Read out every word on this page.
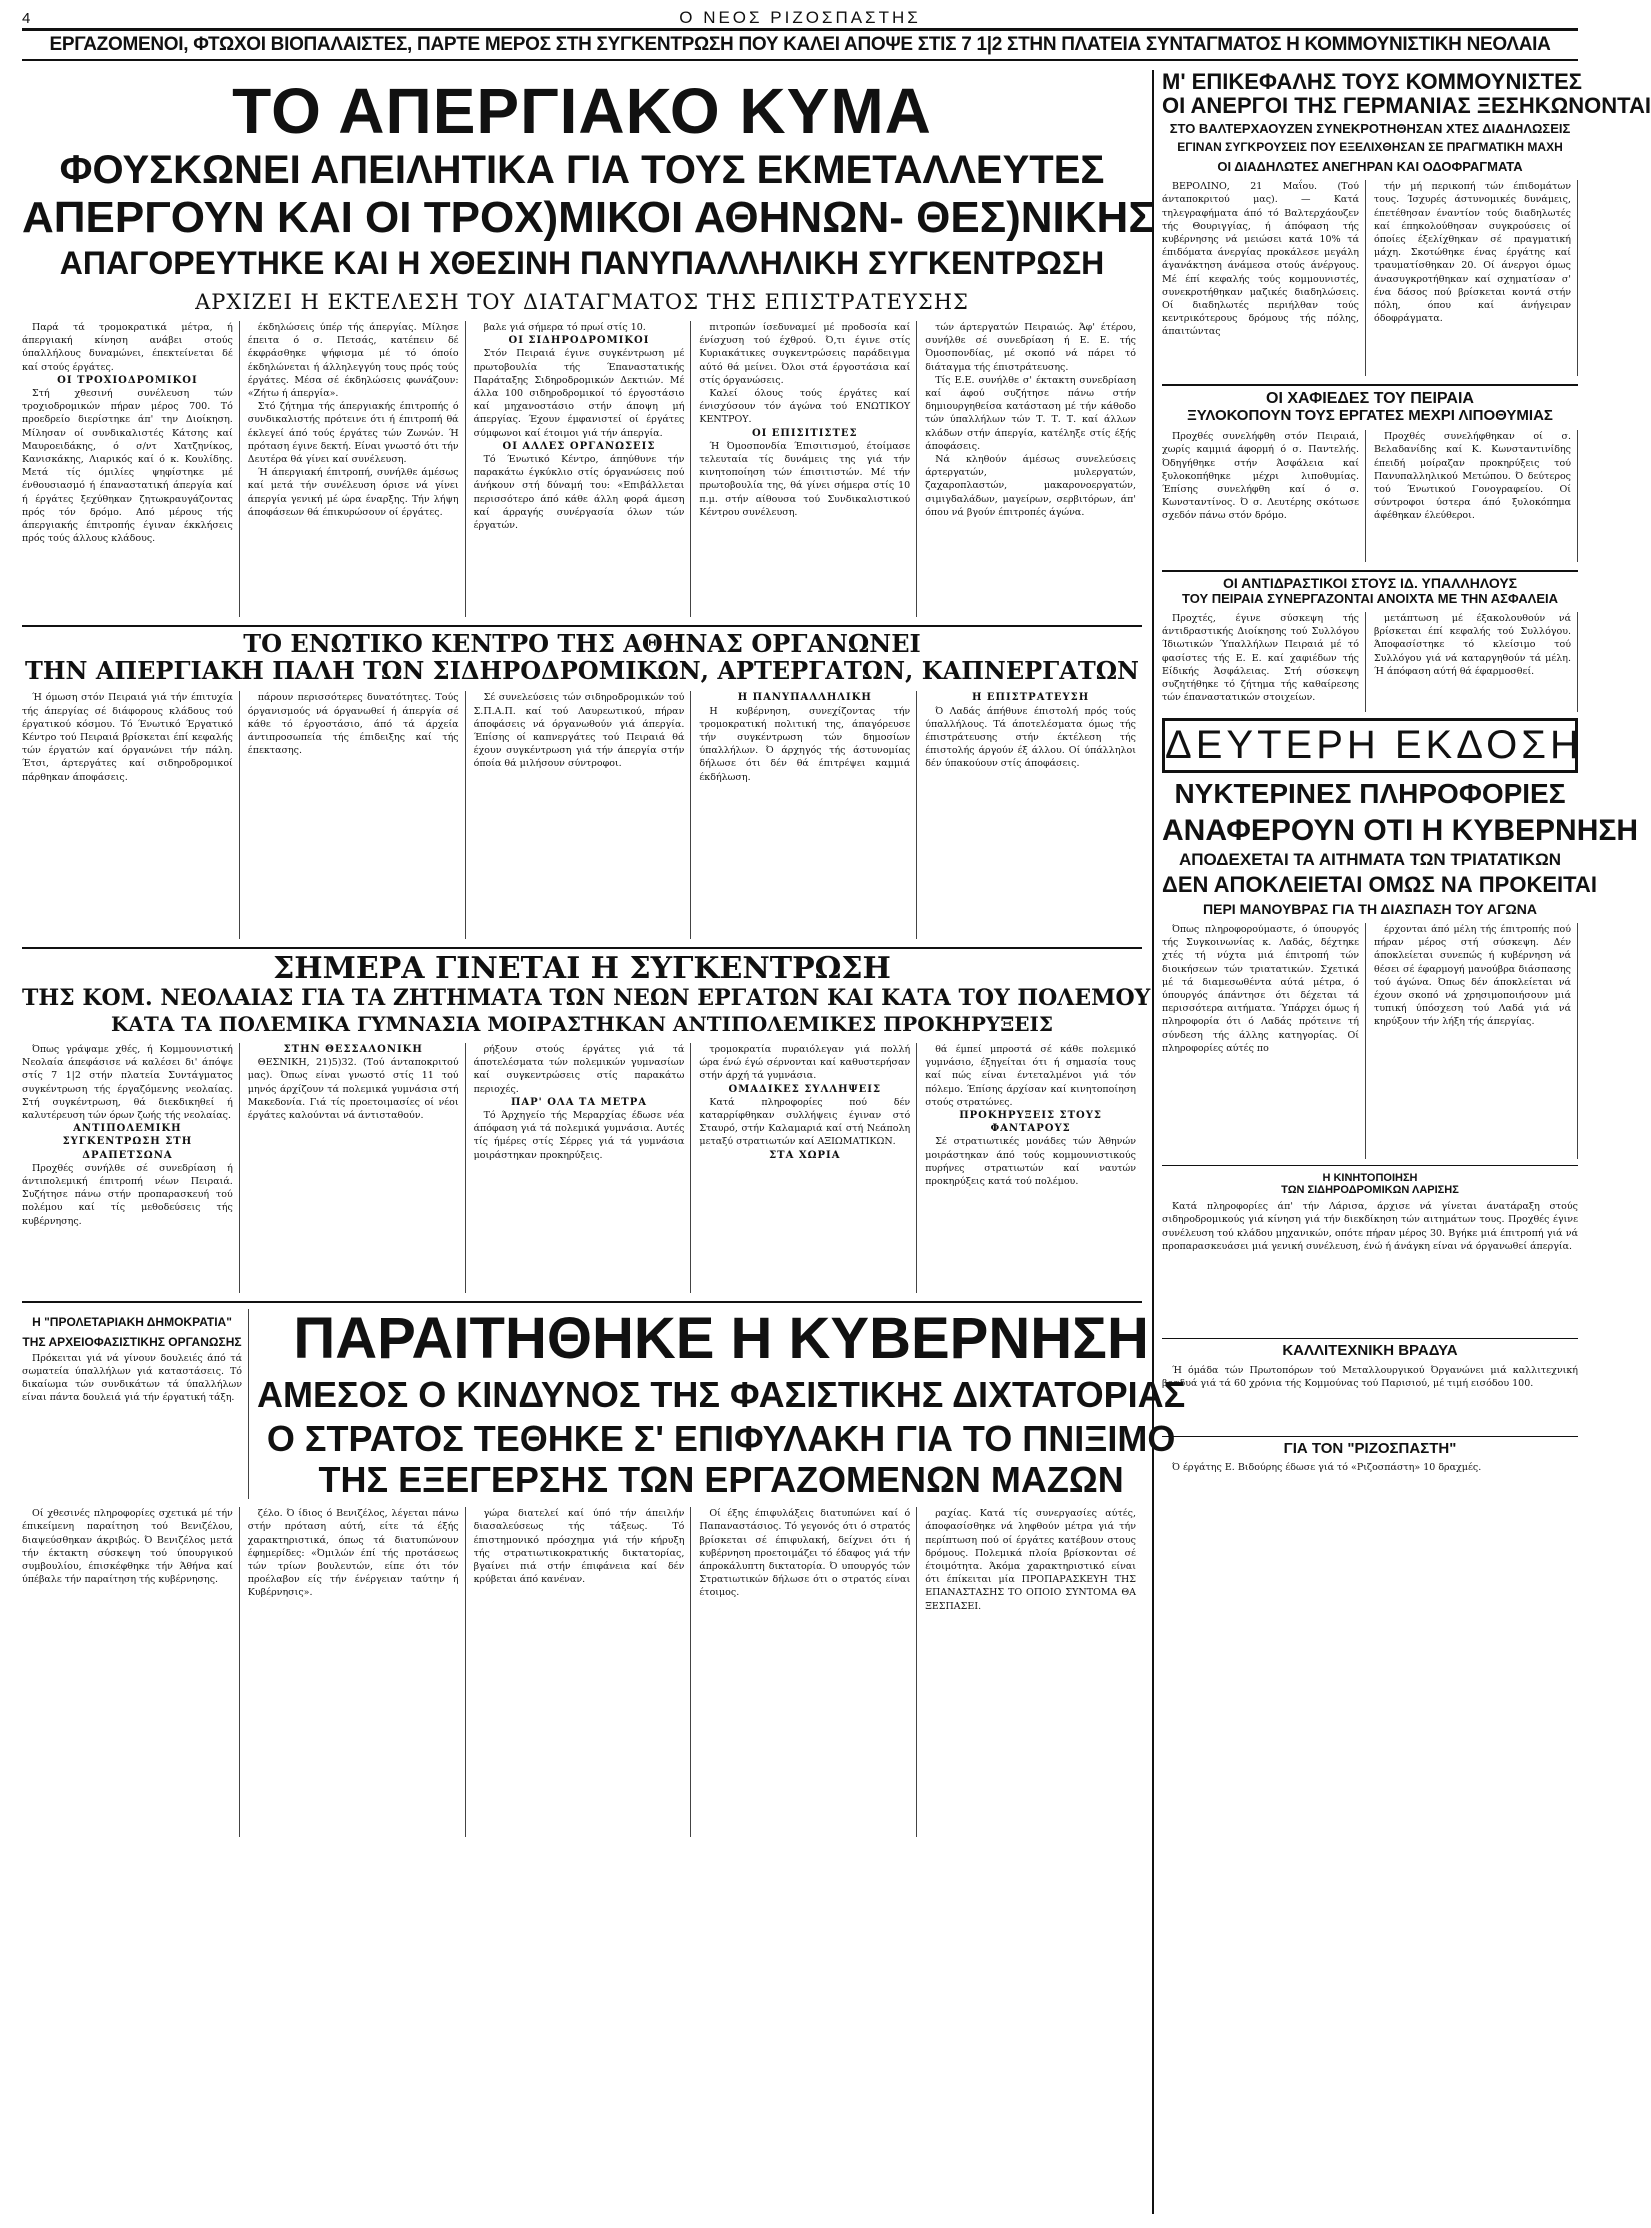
4	Ο ΝΕΟΣ ΡΙΖΟΣΠΑΣΤΗΣ
ΕΡΓΑΖΟΜΕΝΟΙ, ΦΤΩΧΟΙ ΒΙΟΠΑΛΑΙΣΤΕΣ, ΠΑΡΤΕ ΜΕΡΟΣ ΣΤΗ ΣΥΓΚΕΝΤΡΩΣΗ ΠΟΥ ΚΑΛΕΙ ΑΠΟΨΕ ΣΤΙΣ 7 1|2 ΣΤΗΝ ΠΛΑΤΕΙΑ ΣΥΝΤΑΓΜΑΤΟΣ Η ΚΟΜΜΟΥΝΙΣΤΙΚΗ ΝΕΟΛΑΙΑ
ΤΟ ΑΠΕΡΓΙΑΚΟ ΚΥΜΑ
ΦΟΥΣΚΩΝΕΙ ΑΠΕΙΛΗΤΙΚΑ ΓΙΑ ΤΟΥΣ ΕΚΜΕΤΑΛΛΕΥΤΕΣ
ΑΠΕΡΓΟΥΝ ΚΑΙ ΟΙ ΤΡΟΧ)ΜΙΚΟΙ ΑΘΗΝΩΝ- ΘΕΣ)ΝΙΚΗΣ
ΑΠΑΓΟΡΕΥΤΗΚΕ ΚΑΙ Η ΧΘΕΣΙΝΗ ΠΑΝΥΠΑΛΛΗΛΙΚΗ ΣΥΓΚΕΝΤΡΩΣΗ
ΑΡΧΙΖΕΙ Η ΕΚΤΕΛΕΣΗ ΤΟΥ ΔΙΑΤΑΓΜΑΤΟΣ ΤΗΣ ΕΠΙΣΤΡΑΤΕΥΣΗΣ

Παρά τά τρομοκρατικά μέτρα, ή άπεργιακή κίνηση ανάβει στούς ύπαλλήλους δυναμώνει, έπεκτείνεται δέ καί στούς έργάτες.

ΟΙ ΤΡΟΧΙΟΔΡΟΜΙΚΟΙ

Στή χθεσινή συνέλευση τών τροχιοδρομικών πήραν μέρος 700. Τό προεδρείο διερίστηκε άπ' την Διοίκηση. Μίλησαν οί συνδικαλιστές Κάτσης καί Μαυροειδάκης, ό σ/ντ Χατζηνίκος, Κανισκάκης, Λιαρικός καί ό κ. Κουλίδης. Μετά τίς όμιλίες ψηφίστηκε μέ ένθουσιασμό ή έπαναστατική άπεργία καί ή έργάτες ξεχύθηκαν ζητωκραυγάζοντας πρός τόν δρόμο. Από μέρους τής άπεργιακής έπιτροπής έγιναν έκκλήσεις πρός τούς άλλους κλάδους.

έκδηλώσεις ύπέρ τής άπεργίας. Μίλησε έπειτα ό σ. Πετσάς, κατέπειν δέ έκφράσθηκε ψήφισμα μέ τό όποίο έκδηλώνεται ή άλληλεγγύη τους πρός τούς έργάτες. Μέσα σέ έκδηλώσεις φωνάζουν: «Ζήτω ή άπεργία».

Στό ζήτημα τής άπεργιακής έπιτροπής ό συνδικαλιστής πρότεινε ότι ή έπιτροπή θά έκλεγεί άπό τούς έργάτες τών Ζωνών. Ή πρόταση έγινε δεκτή. Είναι γνωστό ότι τήν Δευτέρα θά γίνει καί συνέλευση.

Ή άπεργιακή έπιτροπή, συνήλθε άμέσως καί μετά τήν συνέλευση όρισε νά γίνει άπεργία γενική μέ ώρα έναρξης. Τήν λήψη άποφάσεων θά έπικυρώσουν οί έργάτες.

βαλε γιά σήμερα τό πρωί στίς 10.

ΟΙ ΣΙΔΗΡΟΔΡΟΜΙΚΟΙ

Στόν Πειραιά έγινε συγκέντρωση μέ πρωτοβουλία τής Έπαναστατικής Παράταξης Σιδηροδρομικών Δεκτιών. Μέ άλλα 100 σιδηροδρομικοί τό έργοστάσιο καί μηχανοστάσιο στήν άποψη μή άπεργίας. Έχουν έμφανιστεί οί έργάτες σύμφωνοι καί έτοιμοι γιά τήν άπεργία.

ΟΙ ΑΛΛΕΣ ΟΡΓΑΝΩΣΕΙΣ

Τό Ένωτικό Κέντρο, άπηύθυνε τήν παρακάτω έγκύκλιο στίς όργανώσεις πού άνήκουν στή δύναμή του: «Επιβάλλεται περισσότερο άπό κάθε άλλη φορά άμεση καί άρραγής συνέργασία όλων τών έργατών.

πιτροπών ίσεδυναμεί μέ προδοσία καί ένίσχυση τού έχθρού. Ό,τι έγινε στίς Κυριακάτικες συγκεντρώσεις παράδειγμα αύτό θά μείνει. Όλοι στά έργοστάσια καί στίς όργανώσεις.

Καλεί όλους τούς έργάτες καί ένισχύσουν τόν άγώνα τού ΕΝΩΤΙΚΟΥ ΚΕΝΤΡΟΥ.

ΟΙ ΕΠΙΣΙΤΙΣΤΕΣ

Ή Όμοσπονδία Έπισιτισμού, έτοίμασε τελευταία τίς δυνάμεις της γιά τήν κινητοποίηση τών έπισιτιστών. Μέ τήν πρωτοβουλία της, θά γίνει σήμερα στίς 10 π.μ. στήν αίθουσα τού Συνδικαλιστικού Κέντρου συνέλευση.

τών άρτεργατών Πειραιώς. Άφ' έτέρου, συνήλθε σέ συνεδρίαση ή Ε. Ε. τής Όμοσπονδίας, μέ σκοπό νά πάρει τό διάταγμα τής έπιστράτευσης.

Τίς Ε.Ε. συνήλθε σ' έκτακτη συνεδρίαση καί άφού συζήτησε πάνω στήν δημιουργηθείσα κατάσταση μέ τήν κάθοδο τών ύπαλλήλων τών Τ. Τ. Τ. καί άλλων κλάδων στήν άπεργία, κατέληξε στίς έξής άποφάσεις.

Νά κληθούν άμέσως συνελεύσεις άρτεργατών, μυλεργατών, ζαχαροπλαστών, μακαρονοεργατών, σιμιγδαλάδων, μαγείρων, σερβιτόρων, άπ' όπου νά βγούν έπιτροπές άγώνα.

ΤΟ ΕΝΩΤΙΚΟ ΚΕΝΤΡΟ ΤΗΣ ΑΘΗΝΑΣ ΟΡΓΑΝΩΝΕΙ
ΤΗΝ ΑΠΕΡΓΙΑΚΗ ΠΑΛΗ ΤΩΝ ΣΙΔΗΡΟΔΡΟΜΙΚΩΝ, ΑΡΤΕΡΓΑΤΩΝ, ΚΑΠΝΕΡΓΑΤΩΝ

Ή όμωση στόν Πειραιά γιά τήν έπιτυχία τής άπεργίας σέ διάφορους κλάδους τού έργατικού κόσμου. Τό Ένωτικό Έργατικό Κέντρο τού Πειραιά βρίσκεται έπί κεφαλής τών έργατών καί όργανώνει τήν πάλη. Έτσι, άρτεργάτες καί σιδηροδρομικοί πάρθηκαν άποφάσεις.

πάρουν περισσότερες δυνατότητες. Τούς όργανισμούς νά όργανωθεί ή άπεργία σέ κάθε τό έργοστάσιο, άπό τά άρχεία άντιπροσωπεία τής έπιδειξης καί τής έπεκτασης.

Σέ συνελεύσεις τών σιδηροδρομικών τού Σ.Π.Α.Π. καί τού Λαυρεωτικού, πήραν άποφάσεις νά όργανωθούν γιά άπεργία. Έπίσης οί καπνεργάτες τού Πειραιά θά έχουν συγκέντρωση γιά τήν άπεργία στήν όποία θά μιλήσουν σύντροφοι.

Η ΠΑΝΥΠΑΛΛΗΛΙΚΗ

Η κυβέρνηση, συνεχίζοντας τήν τρομοκρατική πολιτική της, άπαγόρευσε τήν συγκέντρωση τών δημοσίων ύπαλλήλων. Ό άρχηγός τής άστυνομίας δήλωσε ότι δέν θά έπιτρέψει καμμιά έκδήλωση.

Η ΕΠΙΣΤΡΑΤΕΥΣΗ

Ό Λαδάς άπήθυνε έπιστολή πρός τούς ύπαλλήλους. Τά άποτελέσματα όμως τής έπιστράτευσης στήν έκτέλεση τής έπιστολής άργούν έξ άλλου. Οί ύπάλληλοι δέν ύπακούουν στίς άποφάσεις.

ΣΗΜΕΡΑ ΓΙΝΕΤΑΙ Η ΣΥΓΚΕΝΤΡΩΣΗ
ΤΗΣ ΚΟΜ. ΝΕΟΛΑΙΑΣ ΓΙΑ ΤΑ ΖΗΤΗΜΑΤΑ ΤΩΝ ΝΕΩΝ ΕΡΓΑΤΩΝ ΚΑΙ ΚΑΤΑ ΤΟΥ ΠΟΛΕΜΟΥ
ΚΑΤΑ ΤΑ ΠΟΛΕΜΙΚΑ ΓΥΜΝΑΣΙΑ ΜΟΙΡΑΣΤΗΚΑΝ ΑΝΤΙΠΟΛΕΜΙΚΕΣ ΠΡΟΚΗΡΥΞΕΙΣ

Όπως γράψαμε χθές, ή Κομμουνιστική Νεολαία άπεφάσισε νά καλέσει δι' άπόψε στίς 7 1|2 στήν πλατεία Συντάγματος συγκέντρωση τής έργαζόμενης νεολαίας. Στή συγκέντρωση, θά διεκδικηθεί ή καλυτέρευση τών όρων ζωής τής νεολαίας.

ΑΝΤΙΠΟΛΕΜΙΚΗ ΣΥΓΚΕΝΤΡΩΣΗ ΣΤΗ ΔΡΑΠΕΤΣΩΝΑ

Προχθές συνήλθε σέ συνεδρίαση ή άντιπολεμική έπιτροπή νέων Πειραιά. Συζήτησε πάνω στήν προπαρασκευή τού πολέμου καί τίς μεθοδεύσεις τής κυβέρνησης.

ΣΤΗΝ ΘΕΣΣΑΛΟΝΙΚΗ

ΘΕΣΝΙΚΗ, 21)5)32. (Τού άνταποκριτού μας). Όπως είναι γνωστό στίς 11 τού μηνός άρχίζουν τά πολεμικά γυμνάσια στή Μακεδονία. Γιά τίς προετοιμασίες οί νέοι έργάτες καλούνται νά άντισταθούν.

ρήξουν στούς έργάτες γιά τά άποτελέσματα τών πολεμικών γυμνασίων καί συγκεντρώσεις στίς παρακάτω περιοχές.

ΠΑΡ' ΟΛΑ ΤΑ ΜΕΤΡΑ

Τό Άρχηγείο τής Μεραρχίας έδωσε νέα άπόφαση γιά τά πολεμικά γυμνάσια. Αυτές τίς ήμέρες στίς Σέρρες γιά τά γυμνάσια μοιράστηκαν προκηρύξεις.

τρομοκρατία πυραιόλεγαν γιά πολλή ώρα ένώ έγώ σέρνονται καί καθυστερήσαν στήν άρχή τά γυμνάσια.

ΟΜΑΔΙΚΕΣ ΣΥΛΛΗΨΕΙΣ

Κατά πληροφορίες πού δέν καταρρίφθηκαν συλλήψεις έγιναν στό Σταυρό, στήν Καλαμαριά καί στή Νεάπολη μεταξύ στρατιωτών καί ΑΞΙΩΜΑΤΙΚΩΝ.

ΣΤΑ ΧΩΡΙΑ

θά έμπεί μπροστά σέ κάθε πολεμικό γυμνάσιο, έξηγείται ότι ή σημασία τους καί πώς είναι έντεταλμένοι γιά τόν πόλεμο. Έπίσης άρχίσαν καί κινητοποίηση στούς στρατώνες.

ΠΡΟΚΗΡΥΞΕΙΣ ΣΤΟΥΣ ΦΑΝΤΑΡΟΥΣ

Σέ στρατιωτικές μονάδες τών Άθηνών μοιράστηκαν άπό τούς κομμουνιστικούς πυρήνες στρατιωτών καί ναυτών προκηρύξεις κατά τού πολέμου.

Η "ΠΡΟΛΕΤΑΡΙΑΚΗ ΔΗΜΟΚΡΑΤΙΑ"
ΤΗΣ ΑΡΧΕΙΟΦΑΣΙΣΤΙΚΗΣ ΟΡΓΑΝΩΣΗΣ

Πρόκειται γιά νά γίνουν δουλειές άπό τά σωματεία ύπαλλήλων γιά καταστάσεις. Τό δικαίωμα τών συνδικάτων τά ύπαλλήλων είναι πάντα δουλειά γιά τήν έργατική τάξη.

ΠΑΡΑΙΤΗΘΗΚΕ Η ΚΥΒΕΡΝΗΣΗ
ΑΜΕΣΟΣ Ο ΚΙΝΔΥΝΟΣ ΤΗΣ ΦΑΣΙΣΤΙΚΗΣ ΔΙΧΤΑΤΟΡΙΑΣ
Ο ΣΤΡΑΤΟΣ ΤΕΘΗΚΕ Σ' ΕΠΙΦΥΛΑΚΗ ΓΙΑ ΤΟ ΠΝΙΞΙΜΟ
ΤΗΣ ΕΞΕΓΕΡΣΗΣ ΤΩΝ ΕΡΓΑΖΟΜΕΝΩΝ ΜΑΖΩΝ

Οί χθεσινές πληροφορίες σχετικά μέ τήν έπικείμενη παραίτηση τού Βενιζέλου, διαψεύσθηκαν άκριβώς. Ό Βενιζέλος μετά τήν έκτακτη σύσκεψη τού ύπουργικού συμβουλίου, έπισκέφθηκε τήν Άθήνα καί ύπέβαλε τήν παραίτηση τής κυβέρνησης.

ζέλο. Ό ίδιος ό Βενιζέλος, λέγεται πάνω στήν πρόταση αύτή, είτε τά έξής χαρακτηριστικά, όπως τά διατυπώνουν έφημερίδες: «Όμιλών έπί τής προτάσεως τών τρίων βουλευτών, είπε ότι τόν προέλαβον είς τήν ένέργειαν ταύτην ή Κυβέρνησις».

γώρα διατελεί καί ύπό τήν άπειλήν διασαλεύσεως τής τάξεως. Τό έπιστημονικό πρόσχημα γιά τήν κήρυξη τής στρατιωτικοκρατικής δικτατορίας, βγαίνει πιά στήν έπιφάνεια καί δέν κρύβεται άπό κανέναν.

Οί έξης έπιφυλάξεις διατυπώνει καί ό Παπαναστάσιος. Τό γεγονός ότι ό στρατός βρίσκεται σέ έπιφυλακή, δείχνει ότι ή κυβέρνηση προετοιμάζει τό έδαφος γιά τήν άπροκάλυπτη δικτατορία. Ό υπουργός τών Στρατιωτικών δήλωσε ότι ο στρατός είναι έτοιμος.

ραχίας. Κατά τίς συνεργασίες αύτές, άποφασίσθηκε νά ληφθούν μέτρα γιά τήν περίπτωση πού οί έργάτες κατέβουν στους δρόμους. Πολεμικά πλοία βρίσκονται σέ έτοιμότητα. Άκόμα χαρακτηριστικό είναι ότι έπίκειται μία ΠΡΟΠΑΡΑΣΚΕΥΗ ΤΗΣ ΕΠΑΝΑΣΤΑΣΗΣ ΤΟ ΟΠΟΙΟ ΣΥΝΤΟΜΑ ΘΑ ΞΕΣΠΑΣΕΙ.

Μ' ΕΠΙΚΕΦΑΛΗΣ ΤΟΥΣ ΚΟΜΜΟΥΝΙΣΤΕΣ
ΟΙ ΑΝΕΡΓΟΙ ΤΗΣ ΓΕΡΜΑΝΙΑΣ ΞΕΣΗΚΩΝΟΝΤΑΙ
ΣΤΟ ΒΑΛΤΕΡΧΑΟΥΖΕΝ ΣΥΝΕΚΡΟΤΗΘΗΣΑΝ ΧΤΕΣ ΔΙΑΔΗΛΩΣΕΙΣ
ΕΓΙΝΑΝ ΣΥΓΚΡΟΥΣΕΙΣ ΠΟΥ ΕΞΕΛΙΧΘΗΣΑΝ ΣΕ ΠΡΑΓΜΑΤΙΚΗ ΜΑΧΗ
ΟΙ ΔΙΑΔΗΛΩΤΕΣ ΑΝΕΓΗΡΑΝ ΚΑΙ ΟΔΟΦΡΑΓΜΑΤΑ

ΒΕΡΟΛΙΝΟ, 21 Μαΐου. (Τού άνταποκριτού μας). — Κατά τηλεγραφήματα άπό τό Βαλτερχάουζεν τής Θουριγγίας, ή άπόφαση τής κυβέρνησης νά μειώσει κατά 10% τά έπιδόματα άνεργίας προκάλεσε μεγάλη άγανάκτηση άνάμεσα στούς άνέργους. Μέ έπί κεφαλής τούς κομμουνιστές, συνεκροτήθηκαν μαζικές διαδηλώσεις. Οί διαδηλωτές περιήλθαν τούς κεντρικότερους δρόμους τής πόλης, άπαιτώντας

τήν μή περικοπή τών έπιδομάτων τους. Ίσχυρές άστυνομικές δυνάμεις, έπετέθησαν έναντίον τούς διαδηλωτές καί έπηκολούθησαν συγκρούσεις οί όποίες έξελίχθηκαν σέ πραγματική μάχη. Σκοτώθηκε ένας έργάτης καί τραυματίσθηκαν 20. Οί άνεργοι όμως άνασυγκροτήθηκαν καί σχηματίσαν σ' ένα δάσος πού βρίσκεται κοντά στήν πόλη, όπου καί άνήγειραν όδοφράγματα.

ΟΙ ΧΑΦΙΕΔΕΣ ΤΟΥ ΠΕΙΡΑΙΑ
ΞΥΛΟΚΟΠΟΥΝ ΤΟΥΣ ΕΡΓΑΤΕΣ ΜΕΧΡΙ ΛΙΠΟΘΥΜΙΑΣ

Προχθές συνελήφθη στόν Πειραιά, χωρίς καμμιά άφορμή ό σ. Παντελής. Όδηγήθηκε στήν Άσφάλεια καί ξυλοκοπήθηκε μέχρι λιποθυμίας. Έπίσης συνελήφθη καί ό σ. Κωνσταντίνος. Ό σ. Λευτέρης σκότωσε σχεδόν πάνω στόν δρόμο.

Προχθές συνελήφθηκαν οί σ. Βελαδανίδης καί Κ. Κωνσταντινίδης έπειδή μοίραζαν προκηρύξεις τού Πανυπαλληλικού Μετώπου. Ό δεύτερος τού Ένωτικού Γονογραφείου. Οί σύντροφοι ύστερα άπό ξυλοκόπημα άφέθηκαν έλεύθεροι.

ΟΙ ΑΝΤΙΔΡΑΣΤΙΚΟΙ ΣΤΟΥΣ ΙΔ. ΥΠΑΛΛΗΛΟΥΣ
ΤΟΥ ΠΕΙΡΑΙΑ ΣΥΝΕΡΓΑΖΟΝΤΑΙ ΑΝΟΙΧΤΑ ΜΕ ΤΗΝ ΑΣΦΑΛΕΙΑ

Προχτές, έγινε σύσκεψη τής άντιδραστικής Διοίκησης τού Συλλόγου Ίδιωτικών Ύπαλλήλων Πειραιά μέ τό φασίστες τής Ε. Ε. καί χαφιέδων τής Είδικής Άσφάλειας. Στή σύσκεψη συζητήθηκε τό ζήτημα τής καθαίρεσης τών έπαναστατικών στοιχείων.

μετάπτωση μέ έξακολουθούν νά βρίσκεται έπί κεφαλής τού Συλλόγου. Άποφασίστηκε τό κλείσιμο τού Συλλόγου γιά νά καταργηθούν τά μέλη. Ή άπόφαση αύτή θά έφαρμοσθεί.

ΔΕΥΤΕΡΗ ΕΚΔΟΣΗ
ΝΥΚΤΕΡΙΝΕΣ ΠΛΗΡΟΦΟΡΙΕΣ
ΑΝΑΦΕΡΟΥΝ ΟΤΙ Η ΚΥΒΕΡΝΗΣΗ
ΑΠΟΔΕΧΕΤΑΙ ΤΑ ΑΙΤΗΜΑΤΑ ΤΩΝ ΤΡΙΑΤΑΤΙΚΩΝ
ΔΕΝ ΑΠΟΚΛΕΙΕΤΑΙ ΟΜΩΣ ΝΑ ΠΡΟΚΕΙΤΑΙ
ΠΕΡΙ ΜΑΝΟΥΒΡΑΣ ΓΙΑ ΤΗ ΔΙΑΣΠΑΣΗ ΤΟΥ ΑΓΩΝΑ

Όπως πληροφορούμαστε, ό ύπουργός τής Συγκοινωνίας κ. Λαδάς, δέχτηκε χτές τή νύχτα μιά έπιτροπή τών διοικήσεων τών τριατατικών. Σχετικά μέ τά διαμεσωθέντα αύτά μέτρα, ό ύπουργός άπάντησε ότι δέχεται τά περισσότερα αιτήματα. Ύπάρχει όμως ή πληροφορία ότι ό Λαδάς πρότεινε τή σύνδεση τής άλλης κατηγορίας. Οί πληροφορίες αύτές πο

έρχονται άπό μέλη τής έπιτροπής πού πήραν μέρος στή σύσκεψη. Δέν άποκλείεται συνεπώς ή κυβέρνηση νά θέσει σέ έφαρμογή μανούβρα διάσπασης τού άγώνα. Όπως δέν άποκλείεται νά έχουν σκοπό νά χρησιμοποιήσουν μιά τυπική ύπόσχεση τού Λαδά γιά νά κηρύξουν τήν λήξη τής άπεργίας.

Η ΚΙΝΗΤΟΠΟΙΗΣΗ
ΤΩΝ ΣΙΔΗΡΟΔΡΟΜΙΚΩΝ ΛΑΡΙΣΗΣ

Κατά πληροφορίες άπ' τήν Λάρισα, άρχισε νά γίνεται άνατάραξη στούς σιδηροδρομικούς γιά κίνηση γιά τήν διεκδίκηση τών αιτημάτων τους. Προχθές έγινε συνέλευση τού κλάδου μηχανικών, οπότε πήραν μέρος 30. Βγήκε μιά έπιτροπή γιά νά προπαρασκευάσει μιά γενική συνέλευση, ένώ ή άνάγκη είναι νά όργανωθεί άπεργία.

ΚΑΛΛΙΤΕΧΝΙΚΗ ΒΡΑΔΥΑ

Ή όμάδα τών Πρωτοπόρων τού Μεταλλουργικού Όργανώνει μιά καλλιτεχνική βραδυά γιά τά 60 χρόνια τής Κομμούνας τού Παρισιού, μέ τιμή εισόδου 100.

ΓΙΑ ΤΟΝ "ΡΙΖΟΣΠΑΣΤΗ"

Ό έργάτης Ε. Βιδούρης έδωσε γιά τό «Ριζοσπάστη» 10 δραχμές.
